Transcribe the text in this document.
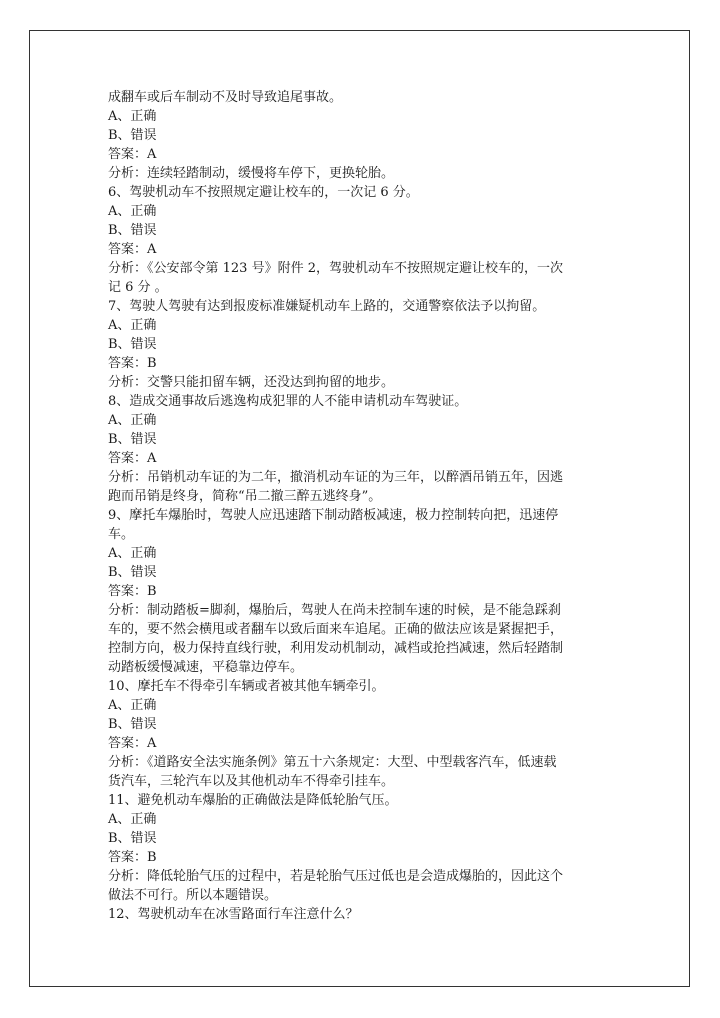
成翻车或后车制动不及时导致追尾事故。
A、正确
B、错误
答案：A
分析：连续轻踏制动，缓慢将车停下，更换轮胎。
6、驾驶机动车不按照规定避让校车的，一次记 6 分。
A、正确
B、错误
答案：A
分析：《公安部令第 123 号》附件 2，驾驶机动车不按照规定避让校车的，一次
记 6 分 。
7、驾驶人驾驶有达到报废标准嫌疑机动车上路的，交通警察依法予以拘留。
A、正确
B、错误
答案：B
分析：交警只能扣留车辆，还没达到拘留的地步。
8、造成交通事故后逃逸构成犯罪的人不能申请机动车驾驶证。
A、正确
B、错误
答案：A
分析：吊销机动车证的为二年，撤消机动车证的为三年，以醉酒吊销五年，因逃
跑而吊销是终身，简称“吊二撤三醉五逃终身”。
9、摩托车爆胎时，驾驶人应迅速踏下制动踏板减速，极力控制转向把，迅速停
车。
A、正确
B、错误
答案：B
分析：制动踏板=脚刹，爆胎后，驾驶人在尚未控制车速的时候，是不能急踩刹
车的，要不然会横甩或者翻车以致后面来车追尾。正确的做法应该是紧握把手，
控制方向，极力保持直线行驶，利用发动机制动，减档或抢挡减速，然后轻踏制
动踏板缓慢减速，平稳靠边停车。
10、摩托车不得牵引车辆或者被其他车辆牵引。
A、正确
B、错误
答案：A
分析：《道路安全法实施条例》第五十六条规定：大型、中型载客汽车，低速载
货汽车，三轮汽车以及其他机动车不得牵引挂车。
11、避免机动车爆胎的正确做法是降低轮胎气压。
A、正确
B、错误
答案：B
分析：降低轮胎气压的过程中，若是轮胎气压过低也是会造成爆胎的，因此这个
做法不可行。所以本题错误。
12、驾驶机动车在冰雪路面行车注意什么？
